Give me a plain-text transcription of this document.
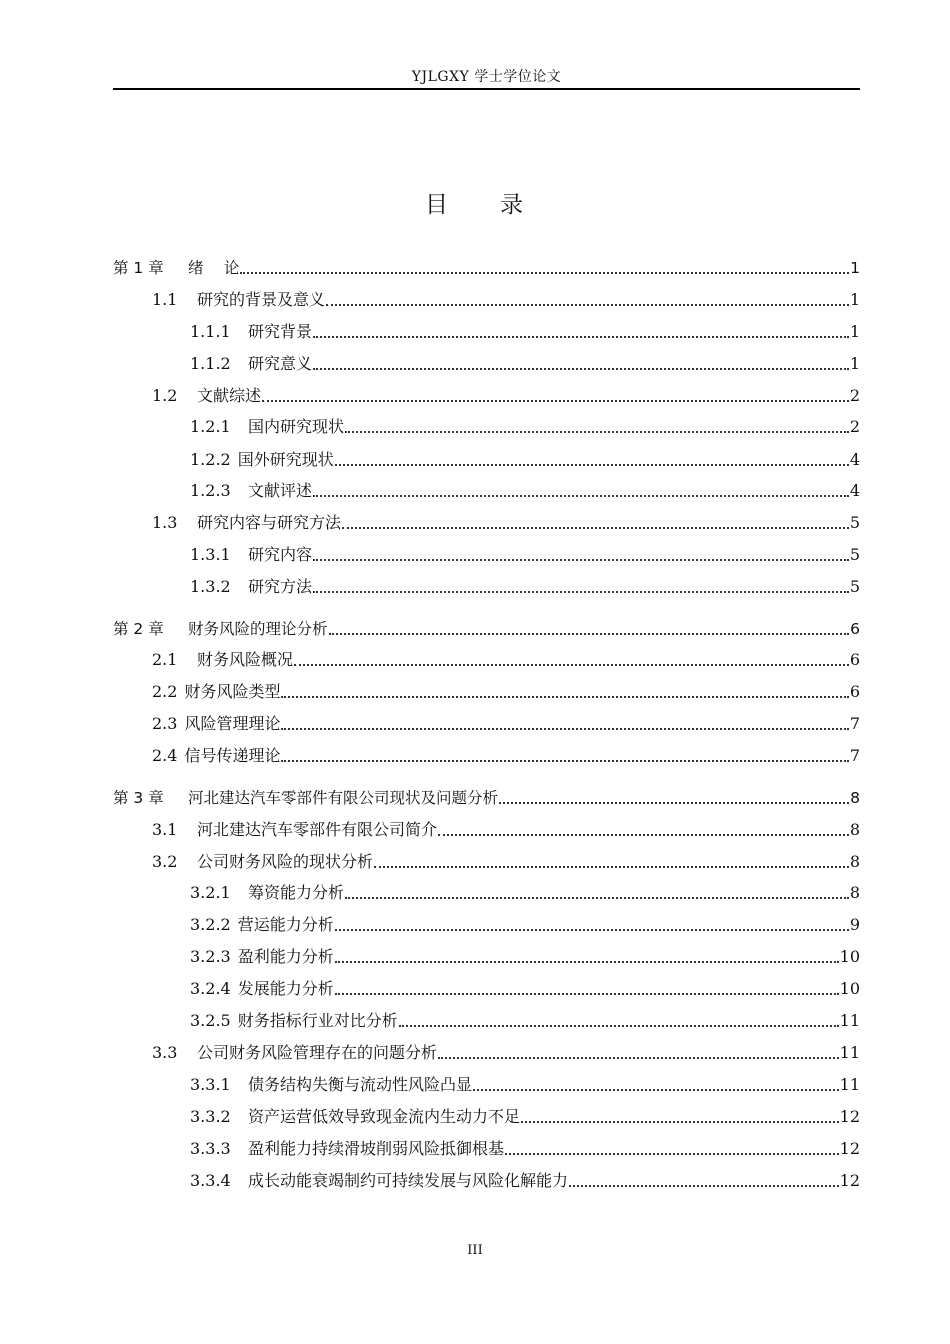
YJLGXY 学士学位论文
目　　录
第 1 章	绪　 论	1
1.1	研究的背景及意义	1
1.1.1	研究背景	1
1.1.2	研究意义	1
1.2	文献综述	2
1.2.1	国内研究现状	2
1.2.2 国外研究现状	4
1.2.3	文献评述	4
1.3	研究内容与研究方法	5
1.3.1	研究内容	5
1.3.2	研究方法	5
第 2 章	财务风险的理论分析	6
2.1	财务风险概况	6
2.2 财务风险类型	6
2.3 风险管理理论	7
2.4 信号传递理论	7
第 3 章	河北建达汽车零部件有限公司现状及问题分析	8
3.1	河北建达汽车零部件有限公司简介	8
3.2	公司财务风险的现状分析	8
3.2.1	筹资能力分析	8
3.2.2 营运能力分析	9
3.2.3 盈利能力分析	10
3.2.4 发展能力分析	10
3.2.5 财务指标行业对比分析	11
3.3	公司财务风险管理存在的问题分析	11
3.3.1	债务结构失衡与流动性风险凸显	11
3.3.2	资产运营低效导致现金流内生动力不足	12
3.3.3	盈利能力持续滑坡削弱风险抵御根基	12
3.3.4	成长动能衰竭制约可持续发展与风险化解能力	12
III
